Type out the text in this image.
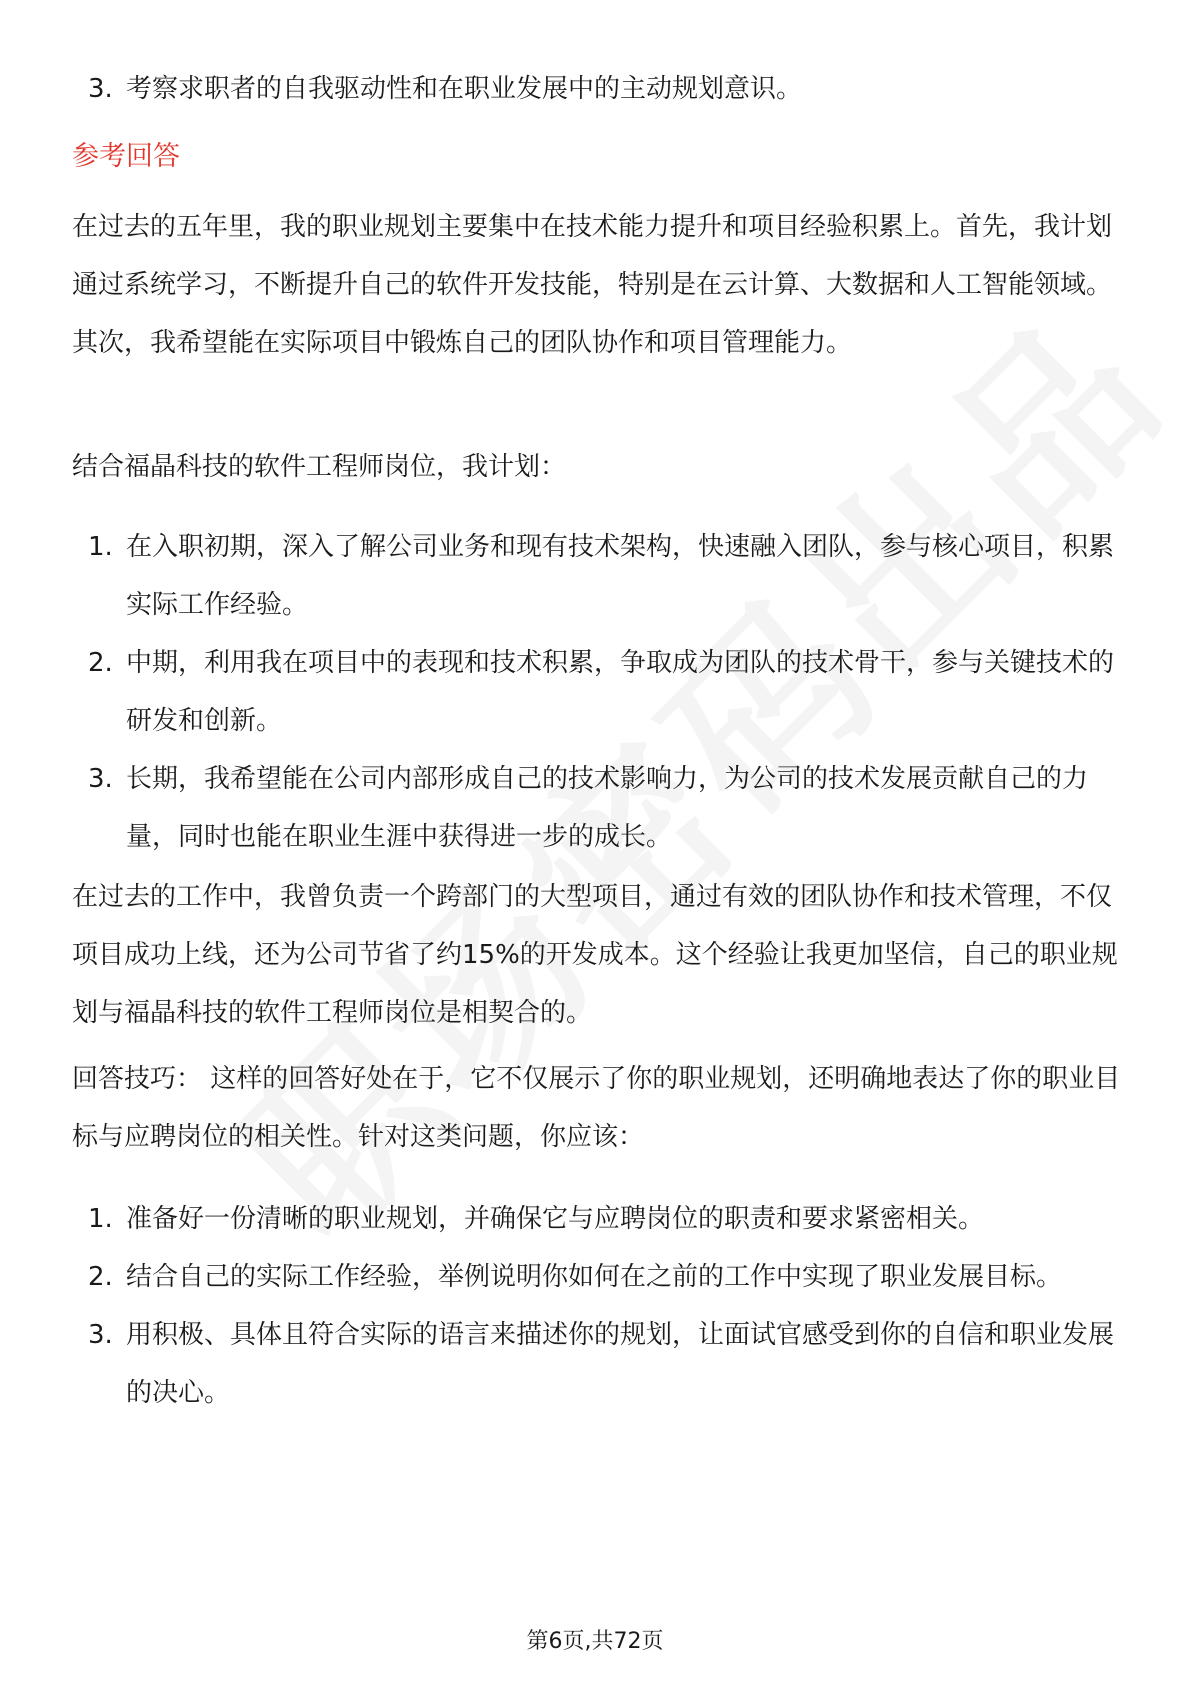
3. 考察求职者的自我驱动性和在职业发展中的主动规划意识。

参考回答

在过去的五年里，我的职业规划主要集中在技术能力提升和项目经验积累上。首先，我计划通过系统学习，不断提升自己的软件开发技能，特别是在云计算、大数据和人工智能领域。其次，我希望能在实际项目中锻炼自己的团队协作和项目管理能力。

结合福晶科技的软件工程师岗位，我计划：

1. 在入职初期，深入了解公司业务和现有技术架构，快速融入团队，参与核心项目，积累实际工作经验。
2. 中期，利用我在项目中的表现和技术积累，争取成为团队的技术骨干，参与关键技术的研发和创新。
3. 长期，我希望能在公司内部形成自己的技术影响力，为公司的技术发展贡献自己的力量，同时也能在职业生涯中获得进一步的成长。

在过去的工作中，我曾负责一个跨部门的大型项目，通过有效的团队协作和技术管理，不仅项目成功上线，还为公司节省了约15%的开发成本。这个经验让我更加坚信，自己的职业规划与福晶科技的软件工程师岗位是相契合的。

回答技巧： 这样的回答好处在于，它不仅展示了你的职业规划，还明确地表达了你的职业目标与应聘岗位的相关性。针对这类问题，你应该：

1. 准备好一份清晰的职业规划，并确保它与应聘岗位的职责和要求紧密相关。
2. 结合自己的实际工作经验，举例说明你如何在之前的工作中实现了职业发展目标。
3. 用积极、具体且符合实际的语言来描述你的规划，让面试官感受到你的自信和职业发展的决心。
第6页,共72页
